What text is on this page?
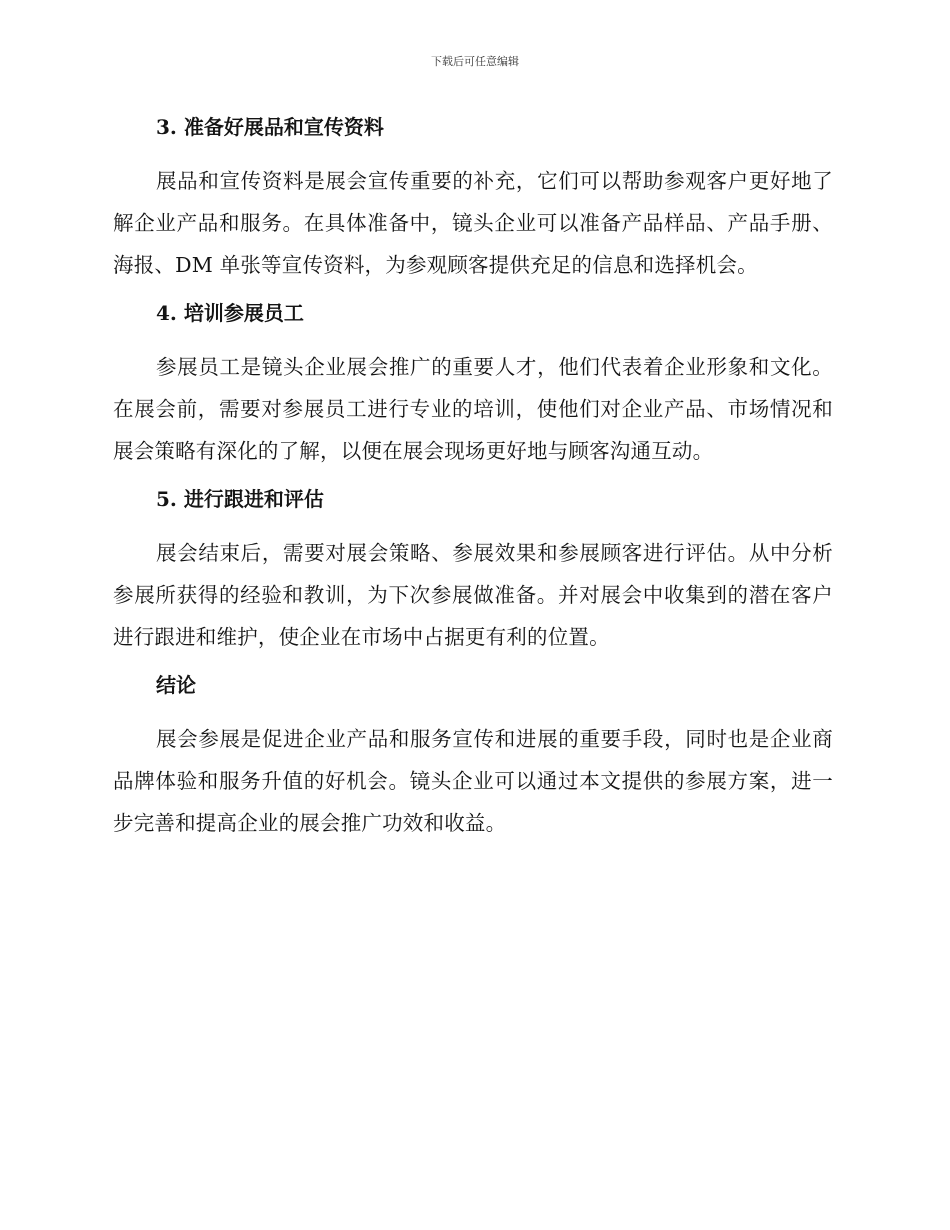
下载后可任意编辑
3. 准备好展品和宣传资料

展品和宣传资料是展会宣传重要的补充，它们可以帮助参观客户更好地了解企业产品和服务。在具体准备中，镜头企业可以准备产品样品、产品手册、海报、DM 单张等宣传资料，为参观顾客提供充足的信息和选择机会。

4. 培训参展员工

参展员工是镜头企业展会推广的重要人才，他们代表着企业形象和文化。在展会前，需要对参展员工进行专业的培训，使他们对企业产品、市场情况和展会策略有深化的了解，以便在展会现场更好地与顾客沟通互动。

5. 进行跟进和评估

展会结束后，需要对展会策略、参展效果和参展顾客进行评估。从中分析参展所获得的经验和教训，为下次参展做准备。并对展会中收集到的潜在客户进行跟进和维护，使企业在市场中占据更有利的位置。

结论

展会参展是促进企业产品和服务宣传和进展的重要手段，同时也是企业商品牌体验和服务升值的好机会。镜头企业可以通过本文提供的参展方案，进一步完善和提高企业的展会推广功效和收益。
